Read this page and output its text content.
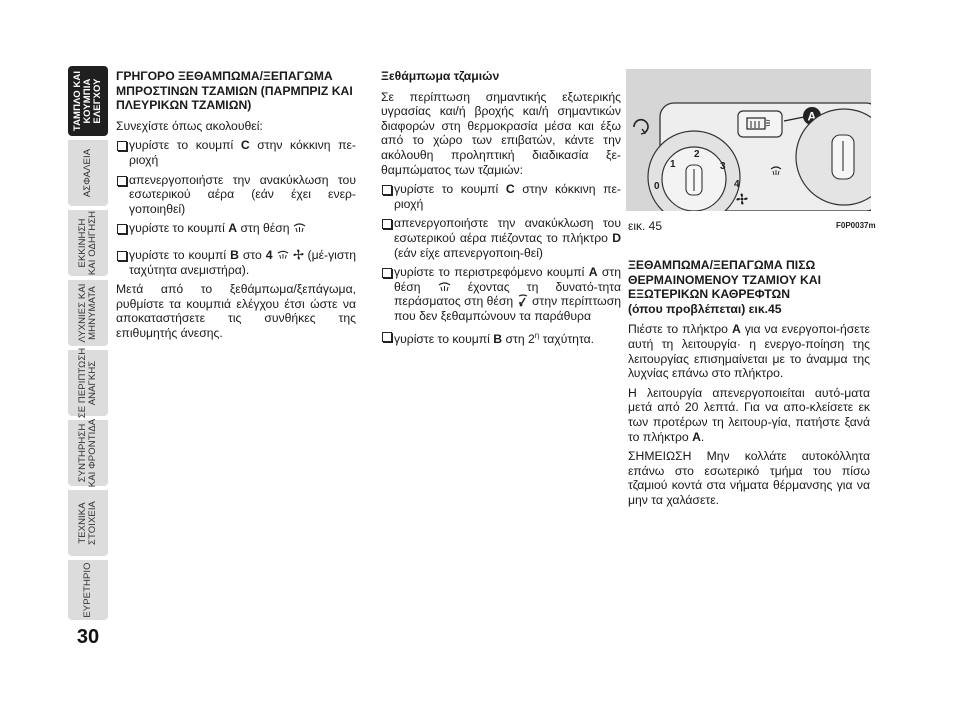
ΤΑΜΠΛΟ ΚΑΙ
ΚΟΥΜΠΙΑ
ΕΛΕΓΧΟΥ
ΑΣΦΑΛΕΙΑ
ΕΚΚΙΝΗΣΗ
ΚΑΙ ΟΔΗΓΗΣΗ
ΛΥΧΝΙΕΣ ΚΑΙ
ΜΗΝΥΜΑΤΑ
ΣΕ ΠΕΡΙΠΤΩΣΗ
ΑΝΑΓΚΗΣ
ΣΥΝΤΗΡΗΣΗ
ΚΑΙ ΦΡΟΝΤΙΔΑ
ΤΕΧΝΙΚΑ
ΣΤΟΙΧΕΙΑ
ΕΥΡΕΤΗΡΙΟ
30
ΓΡΗΓΟΡΟ ΞΕΘΑΜΠΩΜΑ/ΞΕΠΑΓΩΜΑ ΜΠΡΟΣΤΙΝΩΝ ΤΖΑΜΙΩΝ (ΠΑΡΜΠΡΙΖ ΚΑΙ ΠΛΕΥΡΙΚΩΝ ΤΖΑΜΙΩΝ)

Συνεχίστε όπως ακολουθεί:

γυρίστε το κουμπί C στην κόκκινη πε-ριοχή
απενεργοποιήστε την ανακύκλωση του εσωτερικού αέρα (εάν έχει ενερ-γοποιηθεί)
γυρίστε το κουμπί A στη θέση
γυρίστε το κουμπί B στο 4	(μέ-γιστη ταχύτητα ανεμιστήρα).

Μετά από το ξεθάμπωμα/ξεπάγωμα, ρυθμίστε τα κουμπιά ελέγχου έτσι ώστε να αποκαταστήσετε τις συνθήκες της επιθυμητής άνεσης.

Ξεθάμπωμα τζαμιών

Σε περίπτωση σημαντικής εξωτερικής υγρασίας και/ή βροχής και/ή σημαντικών διαφορών στη θερμοκρασία μέσα και έξω από το χώρο των επιβατών, κάντε την ακόλουθη προληπτική διαδικασία ξε-θαμπώματος των τζαμιών:

γυρίστε το κουμπί C στην κόκκινη πε-ριοχή
απενεργοποιήστε την ανακύκλωση του εσωτερικού αέρα πιέζοντας το πλήκτρο D (εάν είχε απενεργοποιη-θεί)
γυρίστε το περιστρεφόμενο κουμπί A στη θέση  έχοντας τη δυνατό-τητα περάσματος στη θέση  στην περίπτωση που δεν ξεθαμπώνουν τα παράθυρα
γυρίστε το κουμπί B στη $2^\eta$ ταχύτητα.
0
1
2
3
4
A
εικ. 45	F0P0037m
ΞΕΘΑΜΠΩΜΑ/ΞΕΠΑΓΩΜΑ ΠΙΣΩ ΘΕΡΜΑΙΝΟΜΕΝΟΥ ΤΖΑΜΙΟΥ ΚΑΙ ΕΞΩΤΕΡΙΚΩΝ ΚΑΘΡΕΦΤΩΝ
(όπου προβλέπεται) εικ.45

Πιέστε το πλήκτρο A για να ενεργοποι-ήσετε αυτή τη λειτουργία· η ενεργο-ποίηση της λειτουργίας επισημαίνεται με το άναμμα της λυχνίας επάνω στο πλήκτρο.

Η λειτουργία απενεργοποιείται αυτό-ματα μετά από 20 λεπτά. Για να απο-κλείσετε εκ των προτέρων τη λειτουρ-γία, πατήστε ξανά το πλήκτρο A.

ΣΗΜΕΙΩΣΗ Μην κολλάτε αυτοκόλλητα επάνω στο εσωτερικό τμήμα του πίσω τζαμιού κοντά στα νήματα θέρμανσης για να μην τα χαλάσετε.
